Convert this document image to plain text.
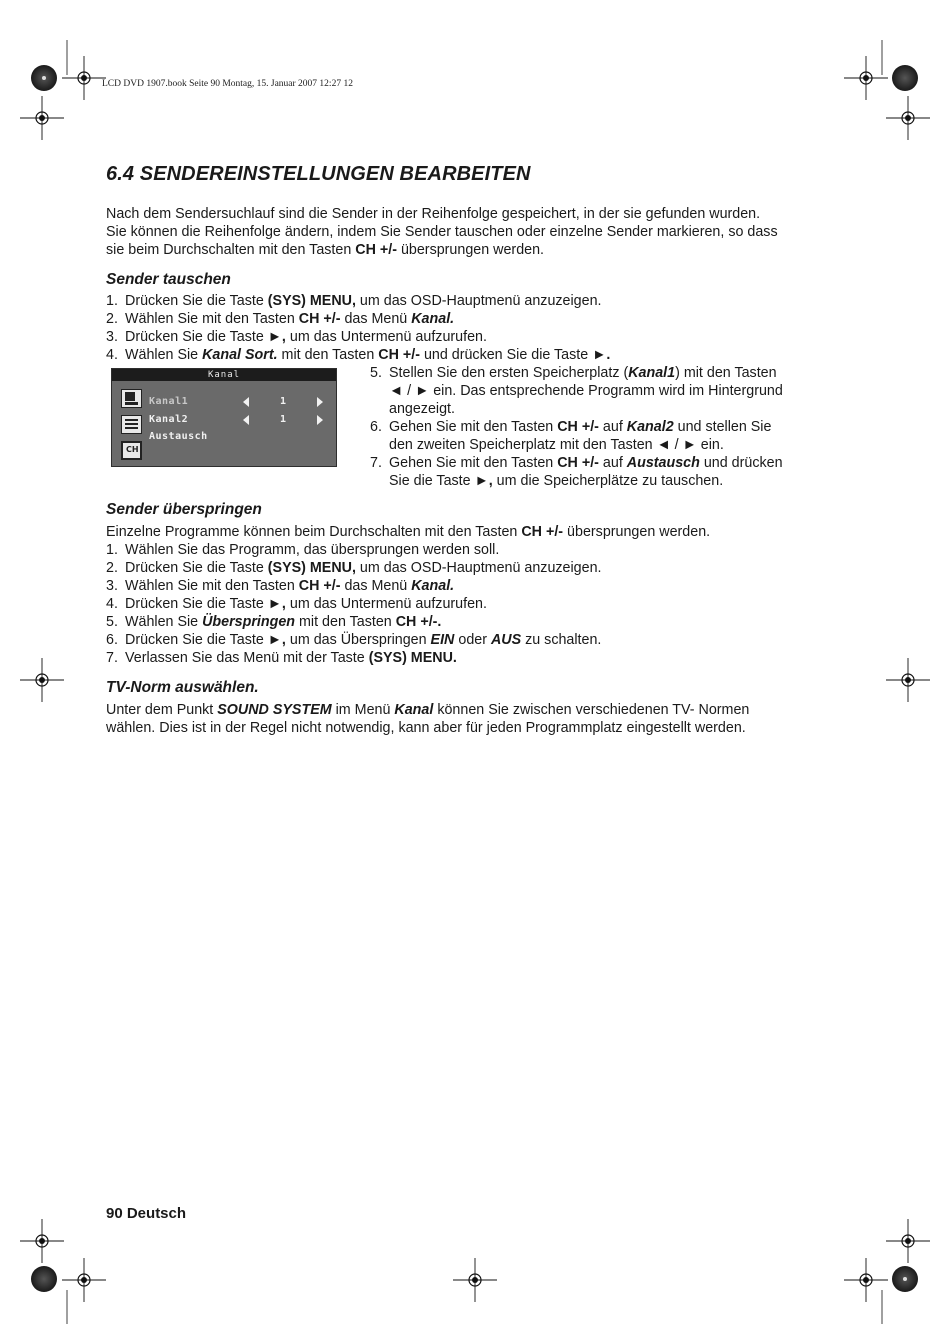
LCD DVD 1907.book Seite 90 Montag, 15. Januar 2007 12:27 12
6.4 SENDEREINSTELLUNGEN BEARBEITEN

Nach dem Sendersuchlauf sind die Sender in der Reihenfolge gespeichert, in der sie gefunden wurden.

Sie können die Reihenfolge ändern, indem Sie Sender tauschen oder einzelne Sender markieren, so dass

sie beim Durchschalten mit den Tasten CH +/- übersprungen werden.

Sender tauschen
1. Drücken Sie die Taste (SYS) MENU, um das OSD-Hauptmenü anzuzeigen.
2. Wählen Sie mit den Tasten CH +/- das Menü Kanal.
3. Drücken Sie die Taste ►, um das Untermenü aufzurufen.
4. Wählen Sie Kanal Sort. mit den Tasten CH +/- und drücken Sie die Taste ►.
Kanal
CH
Kanal1	1
Kanal2	1
Austausch
5. Stellen Sie den ersten Speicherplatz (Kanal1) mit den Tasten
◄ / ► ein. Das entsprechende Programm wird im Hintergrund
angezeigt.
6. Gehen Sie mit den Tasten CH +/- auf Kanal2 und stellen Sie
den zweiten Speicherplatz mit den Tasten ◄ / ► ein.
7. Gehen Sie mit den Tasten CH +/- auf Austausch und drücken
Sie die Taste ►, um die Speicherplätze zu tauschen.
Sender überspringen
Einzelne Programme können beim Durchschalten mit den Tasten CH +/- übersprungen werden.
1. Wählen Sie das Programm, das übersprungen werden soll.
2. Drücken Sie die Taste (SYS) MENU, um das OSD-Hauptmenü anzuzeigen.
3. Wählen Sie mit den Tasten CH +/- das Menü Kanal.
4. Drücken Sie die Taste ►, um das Untermenü aufzurufen.
5. Wählen Sie Überspringen mit den Tasten CH +/-.
6. Drücken Sie die Taste ►, um das Überspringen EIN oder AUS zu schalten.
7. Verlassen Sie das Menü mit der Taste (SYS) MENU.
TV-Norm auswählen.

Unter dem Punkt SOUND SYSTEM im Menü Kanal können Sie zwischen verschiedenen TV- Normen

wählen. Dies ist in der Regel nicht notwendig, kann aber für jeden Programmplatz eingestellt werden.

90 Deutsch
